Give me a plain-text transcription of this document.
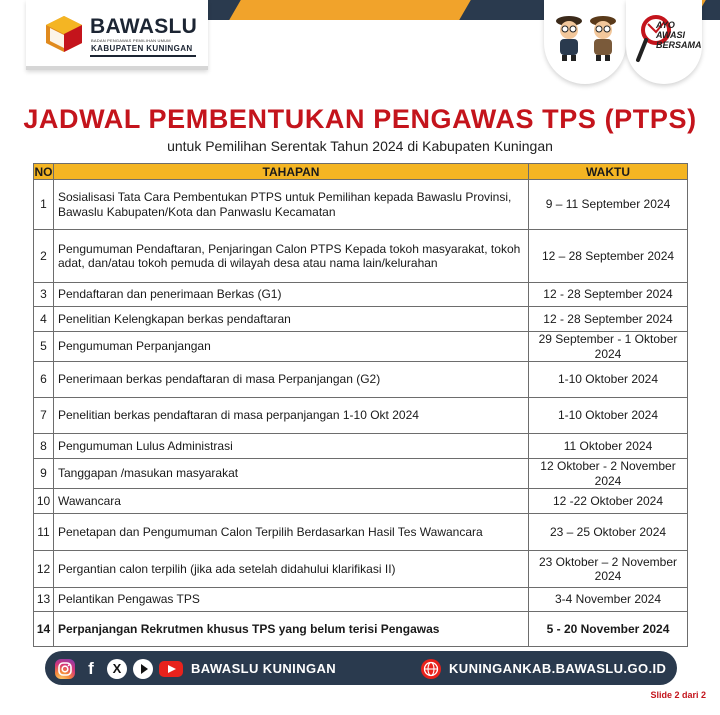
BAWASLU
BADAN PENGAWAS PEMILIHAN UMUM
KABUPATEN KUNINGAN
AYO AWASI BERSAMA
JADWAL PEMBENTUKAN PENGAWAS TPS (PTPS)
untuk Pemilihan Serentak Tahun 2024 di Kabupaten Kuningan
NO	TAHAPAN	WAKTU
1	Sosialisasi Tata Cara Pembentukan PTPS untuk Pemilihan kepada Bawaslu Provinsi, Bawaslu Kabupaten/Kota dan Panwaslu Kecamatan	9 – 11 September 2024
2	Pengumuman Pendaftaran, Penjaringan Calon PTPS Kepada tokoh masyarakat, tokoh adat, dan/atau tokoh pemuda di wilayah desa atau nama lain/kelurahan	12 – 28 September 2024
3	Pendaftaran dan penerimaan Berkas (G1)	12 - 28 September 2024
4	Penelitian Kelengkapan berkas pendaftaran	12 - 28 September 2024
5	Pengumuman Perpanjangan	29 September - 1 Oktober 2024
6	Penerimaan berkas pendaftaran di masa Perpanjangan (G2)	1-10 Oktober 2024
7	Penelitian berkas pendaftaran di masa perpanjangan 1-10 Okt 2024	1-10 Oktober 2024
8	Pengumuman Lulus Administrasi	11 Oktober 2024
9	Tanggapan /masukan masyarakat	12 Oktober - 2 November 2024
10	Wawancara	12 -22 Oktober 2024
11	Penetapan dan Pengumuman Calon Terpilih Berdasarkan Hasil Tes Wawancara	23 – 25 Oktober 2024
12	Pergantian calon terpilih (jika ada setelah didahului klarifikasi II)	23 Oktober – 2 November 2024
13	Pelantikan Pengawas TPS	3-4 November 2024
14	Perpanjangan Rekrutmen khusus TPS yang belum terisi Pengawas	5 - 20 November 2024
f	X	BAWASLU KUNINGAN	KUNINGANKAB.BAWASLU.GO.ID
Slide 2 dari 2
